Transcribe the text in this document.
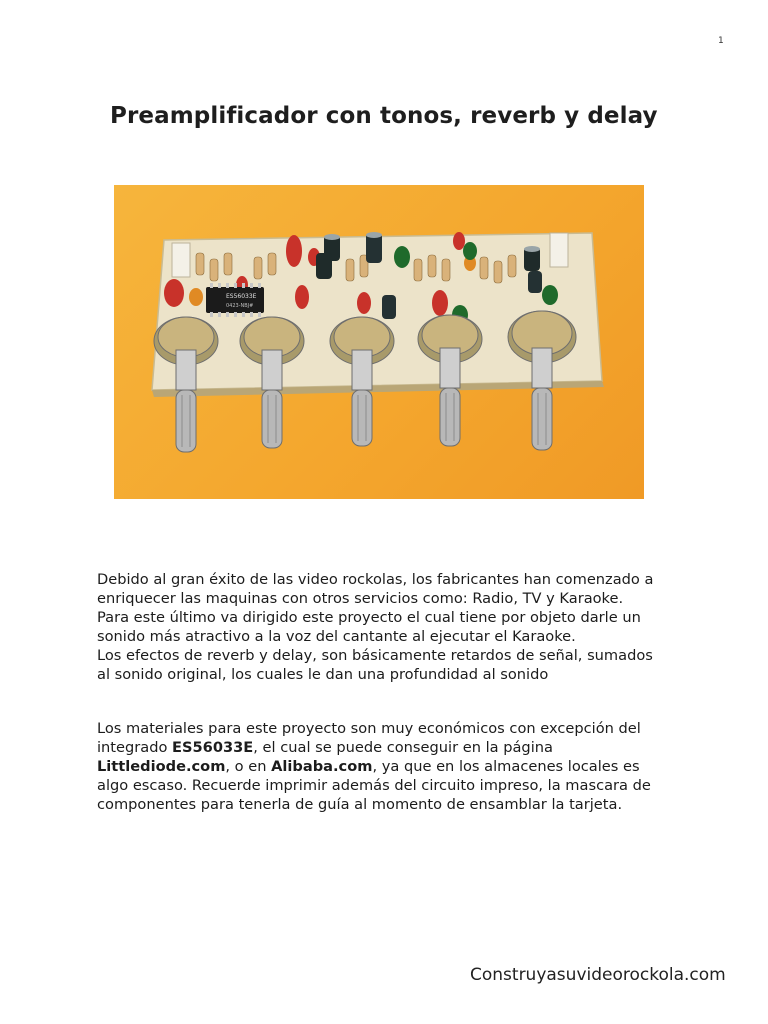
1
Preamplificador con tonos, reverb y delay
ES56033E
0423-NBJ#
Debido al gran éxito de las video rockolas, los fabricantes han comenzado a
enriquecer las maquinas con otros servicios como: Radio, TV y Karaoke.
Para este último va dirigido este proyecto el cual tiene por objeto darle un
sonido más atractivo a la voz del cantante al ejecutar el Karaoke.
Los efectos de reverb y delay, son básicamente retardos de señal, sumados
al sonido original, los cuales le dan una profundidad al sonido
Los materiales para este proyecto son muy económicos con excepción del
integrado ES56033E, el cual se puede conseguir en la página
Littlediode.com, o en Alibaba.com, ya que en los almacenes locales es
algo escaso. Recuerde imprimir además del circuito impreso, la mascara de
componentes para tenerla de guía al momento de ensamblar la tarjeta.
Construyasuvideorockola.com
